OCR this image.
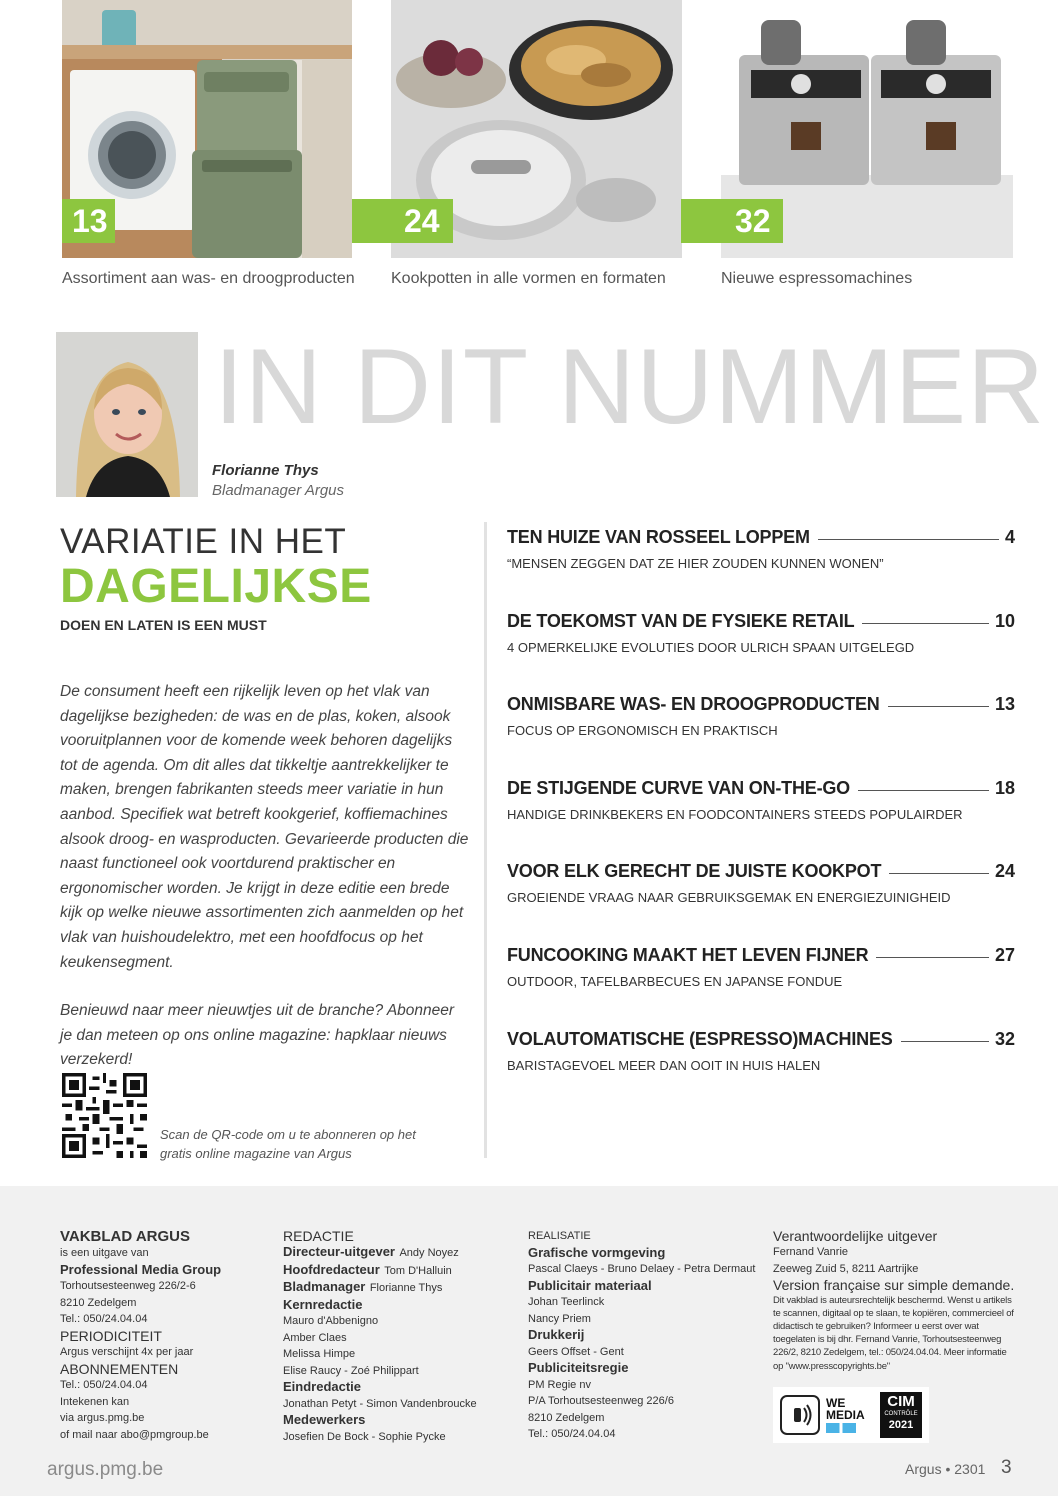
13
Assortiment aan was- en droogproducten
24
Kookpotten in alle vormen en formaten
32
Nieuwe espressomachines
IN DIT NUMMER
Florianne Thys
Bladmanager Argus
VARIATIE IN HET
DAGELIJKSE
DOEN EN LATEN IS EEN MUST

De consument heeft een rijkelijk leven op het vlak van dagelijkse bezigheden: de was en de plas, koken, alsook vooruitplannen voor de komende week behoren dagelijks tot de agenda. Om dit alles dat tikkeltje aantrekkelijker te maken, brengen fabrikanten steeds meer variatie in hun aanbod. Specifiek wat betreft kookgerief, koffiemachines alsook droog- en wasproducten. Gevarieerde producten die naast functioneel ook voortdurend praktischer en ergonomischer worden. Je krijgt in deze editie een brede kijk op welke nieuwe assortimenten zich aanmelden op het vlak van huishoudelektro, met een hoofdfocus op het keukensegment.

Benieuwd naar meer nieuwtjes uit de branche? Abonneer je dan meteen op ons online magazine: hapklaar nieuws verzekerd!

Scan de QR-code om u te abonneren op het gratis online magazine van Argus
TEN HUIZE VAN ROSSEEL LOPPEM	4
“MENSEN ZEGGEN DAT ZE HIER ZOUDEN KUNNEN WONEN”
DE TOEKOMST VAN DE FYSIEKE RETAIL	10
4 OPMERKELIJKE EVOLUTIES DOOR ULRICH SPAAN UITGELEGD
ONMISBARE WAS- EN DROOGPRODUCTEN	13
FOCUS OP ERGONOMISCH EN PRAKTISCH
DE STIJGENDE CURVE VAN ON-THE-GO	18
HANDIGE DRINKBEKERS EN FOODCONTAINERS STEEDS POPULAIRDER
VOOR ELK GERECHT DE JUISTE KOOKPOT	24
GROEIENDE VRAAG NAAR GEBRUIKSGEMAK EN ENERGIEZUINIGHEID
FUNCOOKING MAAKT HET LEVEN FIJNER	27
OUTDOOR, TAFELBARBECUES EN JAPANSE FONDUE
VOLAUTOMATISCHE (ESPRESSO)MACHINES	32
BARISTAGEVOEL MEER DAN OOIT IN HUIS HALEN
VAKBLAD ARGUS
is een uitgave van
Professional Media Group
Torhoutsesteenweg 226/2-6
8210 Zedelgem
Tel.: 050/24.04.04
PERIODICITEIT
Argus verschijnt 4x per jaar
ABONNEMENTEN
Tel.: 050/24.04.04
Intekenen kan
via argus.pmg.be
of mail naar abo@pmgroup.be
REDACTIE
Directeur-uitgever Andy Noyez
Hoofdredacteur Tom D'Halluin
Bladmanager Florianne Thys
Kernredactie
Mauro d'Abbenigno
Amber Claes
Melissa Himpe
Elise Raucy - Zoé Philippart
Eindredactie
Jonathan Petyt - Simon Vandenbroucke
Medewerkers
Josefien De Bock - Sophie Pycke
REALISATIE
Grafische vormgeving
Pascal Claeys - Bruno Delaey - Petra Dermaut
Publicitair materiaal
Johan Teerlinck
Nancy Priem
Drukkerij
Geers Offset - Gent
Publiciteitsregie
PM Regie nv
P/A Torhoutsesteenweg 226/6
8210 Zedelgem
Tel.: 050/24.04.04
Verantwoordelijke uitgever
Fernand Vanrie
Zeeweg Zuid 5, 8211 Aartrijke
Version française sur simple demande.
Dit vakblad is auteursrechtelijk beschermd. Wenst u artikels te scannen, digitaal op te slaan, te kopiëren, commercieel of didactisch te gebruiken? Informeer u eerst over wat toegelaten is bij dhr. Fernand Vanrie, Torhoutsesteenweg 226/2, 8210 Zedelgem, tel.: 050/24.04.04. Meer informatie op "www.presscopyrights.be"
WE
MEDIA
CIM
CONTRÔLE
2021
argus.pmg.be	Argus • 2301 3
